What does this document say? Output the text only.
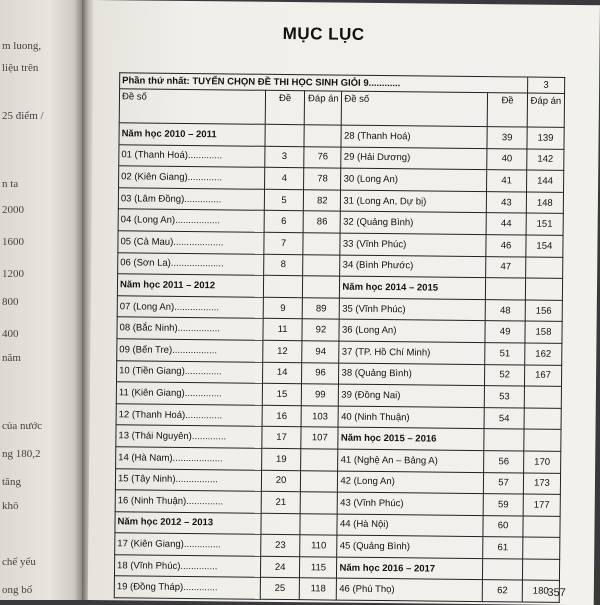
m luong,
liệu trên
25 điểm /
n ta
2000
1600
1200
800
400
năm
của nước
ng 180,2
tăng
khô
chế yếu
ong bố
MỤC LỤC
Phần thứ nhất: TUYỂN CHỌN ĐỀ THI HỌC SINH GIỎI 9............					3
Đề số	Đề	Đáp án	Đề số	Đề	Đáp án
Năm học 2010 – 2011			28 (Thanh Hoá)	39	139
01 (Thanh Hoá).............	3	76	29 (Hải Dương)	40	142
02 (Kiên Giang).............	4	78	30 (Long An)	41	144
03 (Lâm Đồng)..............	5	82	31 (Long An, Dự bị)	43	148
04 (Long An).................	6	86	32 (Quảng Bình)	44	151
05 (Cà Mau)...................	7		33 (Vĩnh Phúc)	46	154
06 (Sơn La)....................	8		34 (Bình Phước)	47	
Năm học 2011 – 2012			Năm học 2014 – 2015		
07 (Long An).................	9	89	35 (Vĩnh Phúc)	48	156
08 (Bắc Ninh)................	11	92	36 (Long An)	49	158
09 (Bến Tre).................	12	94	37 (TP. Hồ Chí Minh)	51	162
10 (Tiền Giang)..............	14	96	38 (Quảng Bình)	52	167
11 (Kiên Giang)..............	15	99	39 (Đồng Nai)	53	
12 (Thanh Hoá)..............	16	103	40 (Ninh Thuận)	54	
13 (Thái Nguyên).............	17	107	Năm học 2015 – 2016		
14 (Hà Nam)...................	19		41 (Nghệ An – Bảng A)	56	170
15 (Tây Ninh)................	20		42 (Long An)	57	173
16 (Ninh Thuận)..............	21		43 (Vĩnh Phúc)	59	177
Năm học 2012 – 2013			44 (Hà Nội)	60	
17 (Kiên Giang)..............	23	110	45 (Quảng Bình)	61	
18 (Vĩnh Phúc)..............	24	115	Năm học 2016 – 2017		
19 (Đồng Tháp).............	25	118	46 (Phú Thọ)	62	180
357
